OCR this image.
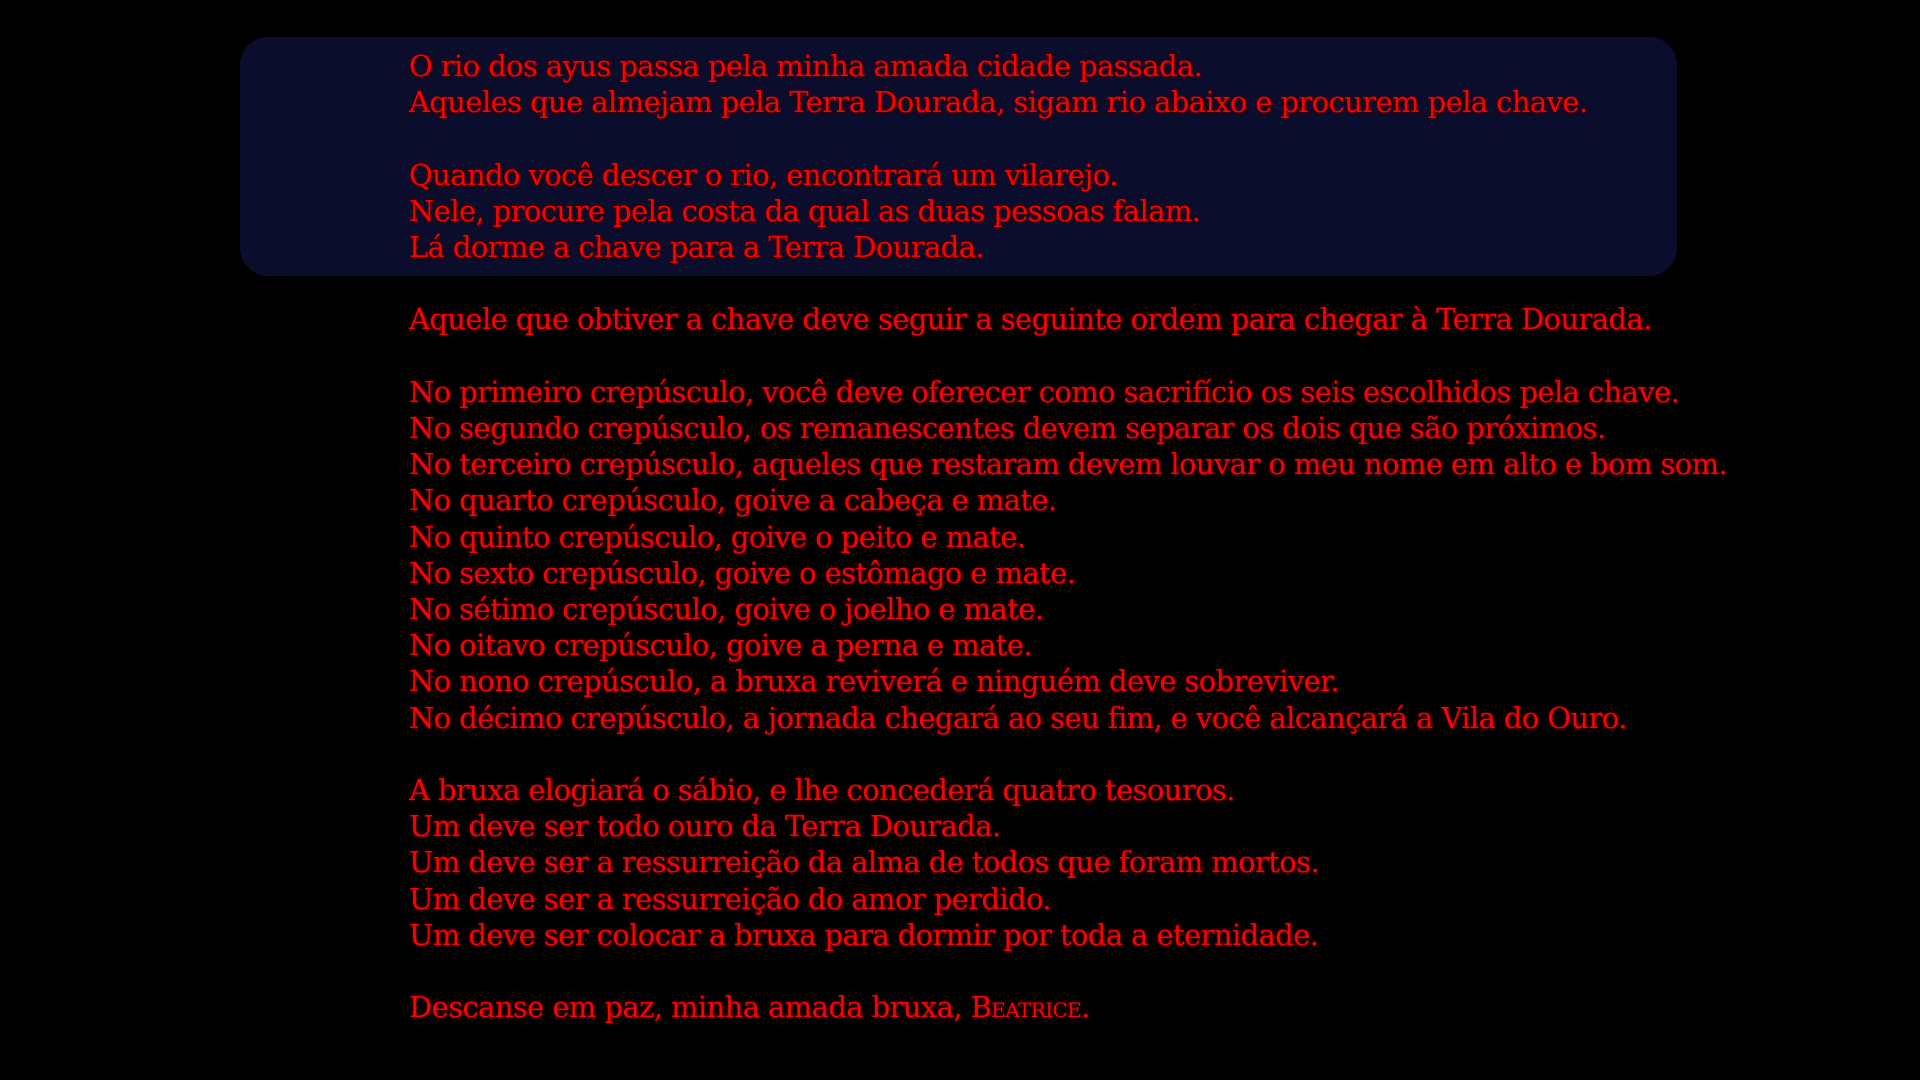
O rio dos ayus passa pela minha amada cidade passada.
Aqueles que almejam pela Terra Dourada, sigam rio abaixo e procurem pela chave.
Quando você descer o rio, encontrará um vilarejo.
Nele, procure pela costa da qual as duas pessoas falam.
Lá dorme a chave para a Terra Dourada.
Aquele que obtiver a chave deve seguir a seguinte ordem para chegar à Terra Dourada.
No primeiro crepúsculo, você deve oferecer como sacrifício os seis escolhidos pela chave.
No segundo crepúsculo, os remanescentes devem separar os dois que são próximos.
No terceiro crepúsculo, aqueles que restaram devem louvar o meu nome em alto e bom som.
No quarto crepúsculo, goive a cabeça e mate.
No quinto crepúsculo, goive o peito e mate.
No sexto crepúsculo, goive o estômago e mate.
No sétimo crepúsculo, goive o joelho e mate.
No oitavo crepúsculo, goive a perna e mate.
No nono crepúsculo, a bruxa reviverá e ninguém deve sobreviver.
No décimo crepúsculo, a jornada chegará ao seu fim, e você alcançará a Vila do Ouro.
A bruxa elogiará o sábio, e lhe concederá quatro tesouros.
Um deve ser todo ouro da Terra Dourada.
Um deve ser a ressurreição da alma de todos que foram mortos.
Um deve ser a ressurreição do amor perdido.
Um deve ser colocar a bruxa para dormir por toda a eternidade.
Descanse em paz, minha amada bruxa, Beatrice.
